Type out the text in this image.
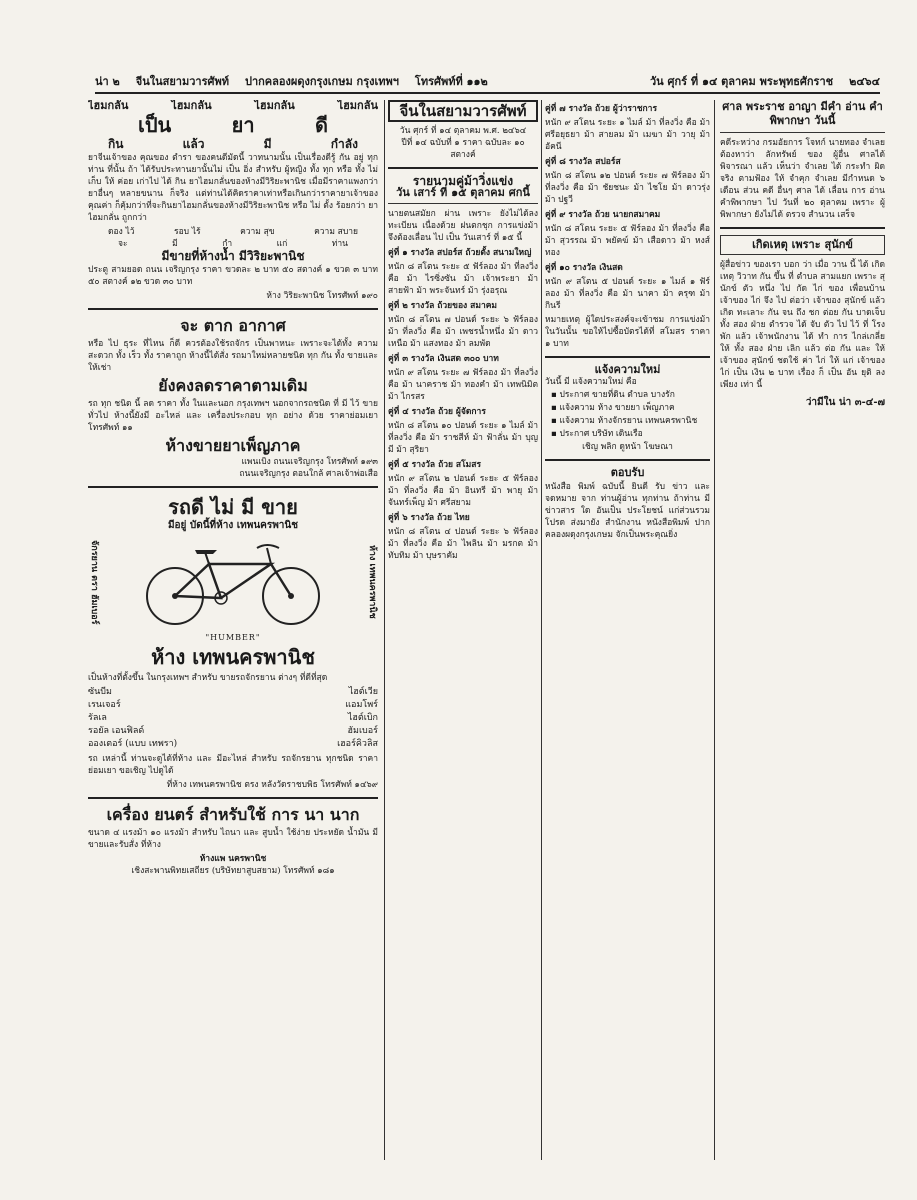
น่า ๒ จีนในสยามวารศัพท์ ปากคลองผดุงกรุงเกษม กรุงเทพฯ โทรศัพท์ที่ ๑๑๒	วัน ศุกร์ ที่ ๑๔ ตุลาคม พระพุทธศักราช ๒๔๖๔
ไฮมกลั่น	ไฮมกลั่น	ไฮมกลั่น	ไฮมกลั่น
เป็น	ยา	ดี
กิน	แล้ว	มี	กำลัง
ยาจีนเจ้าของ คุณของ ตำรา ของคนดีมัดนี้ วาทนามนั้น เป็นเรื่องดีรู้ กัน อยู่ ทุกท่าน ที่นั้น ถ้า ได้รับประทานยานั้นไม่ เป็น อิ่ง สำหรับ ผู้หญิง ทั้ง ทุก หรือ ทั้ง ไม่ เก็บ ให้ ค่อย เก่าไป ได้ กิน ยาไฮมกลั่นของห้างมีวิริยะพานิช เมื่อมีราคาแพงกว่ายาอื่นๆ หลายขนาน ก็จริง แต่ท่านได้คิดราคาเท่าหรือเกินกว่าราคายาเจ้าของคุณค่า ก็คุ้มกว่าที่จะกินยาไฮมกลั่นของห้างมีวิริยะพานิช หรือ ไม่ ตั้ง ร้อยกว่า ยาไฮมกลั่น ถูกกว่า
ดอง ไว้	รอบ ไร้	ความ สุข	ความ สบาย
จะ	มี	กำ	แก่	ท่าน
มีขายที่ห้างน้ำ มีวิริยะพานิช
ประตู สามยอด ถนน เจริญกรุง ราคา ขวดละ ๒ บาท ๕๐ สตางค์ ๑ ขวด ๓ บาท ๕๐ สตางค์ ๑๒ ขวด ๓๐ บาท
ห้าง วิริยะพานิช โทรศัพท์ ๑๙๐
จะ ตาก อากาศ
หรือ ไป ธุระ ที่ไหน ก็ดี ควรต้องใช้รถจักร เป็นพาหนะ เพราะจะได้ทั้ง ความสะดวก ทั้ง เร็ว ทั้ง ราคาถูก ห้างนี้ได้สั่ง รถมาใหม่หลายชนิด ทุก กัน ทั้ง ขายและ ให้เช่า
ยังคงลดราคาตามเดิม
รถ ทุก ชนิด นี้ ลด ราคา ทั้ง ในและนอก กรุงเทพฯ นอกจากรถชนิด ที่ มี ไว้ ขาย ทั่วไป ห้างนี้ยังมี อะไหล่ และ เครื่องประกอบ ทุก อย่าง ด้วย ราคาย่อมเยา โทรศัพท์ ๑๑
ห้างขายยาเพ็ญภาค
แพนเบิง ถนนเจริญกรุง โทรศัพท์ ๑๙๓
ถนนเจริญกรุง ตอนใกล้ ศาลเจ้าพ่อเสือ
รถดี ไม่ มี ขาย
มีอยู่ บัดนี้ที่ห้าง เทพนครพานิช
จักรยาน ตรา ฮัมเบอร์	ห้าง เทพนครพานิช
"HUMBER"
ห้าง เทพนครพานิช
เป็นห้างที่ตั้งขึ้น ในกรุงเทพฯ สำหรับ ขายรถจักรยาน ต่างๆ ที่ดีที่สุด
ซันบีม	ไฮต์เวีย
เรนเจอร์	แอมโพร์
รัลเล	ไฮต์เบิก
รอยัล เอนฟิลด์	ฮัมเบอร์
อองเตอร์ (แบบ เทพรา)	เฮอร์คิวลิส
รถ เหล่านี้ ท่านจะดูได้ที่ห้าง และ มีอะไหล่ สำหรับ รถจักรยาน ทุกชนิด ราคา ย่อมเยา ขอเชิญ ไปดูได้
ที่ห้าง เทพนครพานิช ตรง หลังวัดราชบพิธ โทรศัพท์ ๑๔๖๙
เครื่อง ยนตร์ สำหรับใช้ การ นา นาก
ขนาด ๔ แรงม้า ๑๐ แรงม้า สำหรับ ไถนา และ สูบน้ำ ใช้ง่าย ประหยัด น้ำมัน มีขายและรับสั่ง ที่ห้าง
ห้างแพ นครพานิช
เชิงสะพานพิทยเสถียร (บริษัทยาสูบสยาม) โทรศัพท์ ๑๘๑
จีนในสยามวารศัพท์
วัน ศุกร์ ที่ ๑๔ ตุลาคม พ.ศ. ๒๔๖๔
ปีที่ ๑๔ ฉบับที่ ๑ ราคา ฉบับละ ๑๐ สตางค์
รายนามคู่ม้าวิ่งแข่ง
วัน เสาร์ ที่ ๑๕ ตุลาคม ศกนี้
นายตนสมัยก ผ่าน เพราะ ยังไม่ได้ลงทะเบียน เนื่องด้วย ฝนตกชุก การแข่งม้าจึงต้องเลื่อน ไป เป็น วันเสาร์ ที่ ๑๕ นี้
คู่ที่ ๑ รางวัล สปอร์ส ถ้วยตั้ง สนามใหญ่
หนัก ๘ สโตน ระยะ ๕ ฟัร์ลอง ม้า ที่ลงวิ่ง คือ ม้า ไรซิ่งซัน ม้า เจ้าพระยา ม้า สายฟ้า ม้า พระจันทร์ ม้า รุ่งอรุณ
คู่ที่ ๒ รางวัล ถ้วยของ สมาคม
หนัก ๘ สโตน ๗ ปอนด์ ระยะ ๖ ฟัร์ลอง ม้า ที่ลงวิ่ง คือ ม้า เพชรน้ำหนึ่ง ม้า ดาวเหนือ ม้า แสงทอง ม้า ลมพัด
คู่ที่ ๓ รางวัล เงินสด ๓๐๐ บาท
หนัก ๙ สโตน ระยะ ๗ ฟัร์ลอง ม้า ที่ลงวิ่ง คือ ม้า นาคราช ม้า ทองคำ ม้า เทพนิมิต ม้า ไกรสร
คู่ที่ ๔ รางวัล ถ้วย ผู้จัดการ
หนัก ๘ สโตน ๑๐ ปอนด์ ระยะ ๑ ไมล์ ม้า ที่ลงวิ่ง คือ ม้า ราชสีห์ ม้า ฟ้าลั่น ม้า บุญมี ม้า สุริยา
คู่ที่ ๕ รางวัล ถ้วย สโมสร
หนัก ๙ สโตน ๒ ปอนด์ ระยะ ๕ ฟัร์ลอง ม้า ที่ลงวิ่ง คือ ม้า อินทรี ม้า พายุ ม้า จันทร์เพ็ญ ม้า ศรีสยาม
คู่ที่ ๖ รางวัล ถ้วย ไทย
หนัก ๘ สโตน ๔ ปอนด์ ระยะ ๖ ฟัร์ลอง ม้า ที่ลงวิ่ง คือ ม้า ไพลิน ม้า มรกต ม้า ทับทิม ม้า บุษราคัม
คู่ที่ ๗ รางวัล ถ้วย ผู้ว่าราชการ
หนัก ๙ สโตน ระยะ ๑ ไมล์ ม้า ที่ลงวิ่ง คือ ม้า ศรีอยุธยา ม้า สายลม ม้า เมฆา ม้า วายุ ม้า อัคนี
คู่ที่ ๘ รางวัล สปอร์ส
หนัก ๘ สโตน ๑๒ ปอนด์ ระยะ ๗ ฟัร์ลอง ม้า ที่ลงวิ่ง คือ ม้า ชัยชนะ ม้า ไชโย ม้า ดาวรุ่ง ม้า ปฐวี
คู่ที่ ๙ รางวัล ถ้วย นายกสมาคม
หนัก ๘ สโตน ระยะ ๕ ฟัร์ลอง ม้า ที่ลงวิ่ง คือ ม้า สุวรรณ ม้า พยัคฆ์ ม้า เสือดาว ม้า หงส์ทอง
คู่ที่ ๑๐ รางวัล เงินสด
หนัก ๙ สโตน ๕ ปอนด์ ระยะ ๑ ไมล์ ๑ ฟัร์ลอง ม้า ที่ลงวิ่ง คือ ม้า นาคา ม้า ครุฑ ม้า กินรี
หมายเหตุ ผู้ใดประสงค์จะเข้าชม การแข่งม้า ในวันนั้น ขอให้ไปซื้อบัตรได้ที่ สโมสร ราคา ๑ บาท
แจ้งความใหม่
วันนี้ มี แจ้งความใหม่ คือ
▪ ประกาศ ขายที่ดิน ตำบล บางรัก
▪ แจ้งความ ห้าง ขายยา เพ็ญภาค
▪ แจ้งความ ห้างจักรยาน เทพนครพานิช
▪ ประกาศ บริษัท เดินเรือ
เชิญ พลิก ดูหน้า โฆษณา
ตอบรับ
หนังสือ พิมพ์ ฉบับนี้ ยินดี รับ ข่าว และ จดหมาย จาก ท่านผู้อ่าน ทุกท่าน ถ้าท่าน มีข่าวสาร ใด อันเป็น ประโยชน์ แก่ส่วนรวม โปรด ส่งมายัง สำนักงาน หนังสือพิมพ์ ปากคลองผดุงกรุงเกษม จักเป็นพระคุณยิ่ง
ศาล พระราช อาญา มีคำ อ่าน คำพิพากษา วันนี้
คดีระหว่าง กรมอัยการ โจทก์ นายทอง จำเลย ต้องหาว่า ลักทรัพย์ ของ ผู้อื่น ศาลได้ พิจารณา แล้ว เห็นว่า จำเลย ได้ กระทำ ผิด จริง ตามฟ้อง ให้ จำคุก จำเลย มีกำหนด ๖ เดือน ส่วน คดี อื่นๆ ศาล ได้ เลื่อน การ อ่าน คำพิพากษา ไป วันที่ ๒๐ ตุลาคม เพราะ ผู้พิพากษา ยังไม่ได้ ตรวจ สำนวน เสร็จ
เกิดเหตุ เพราะ สุนักข์
ผู้สื่อข่าว ของเรา บอก ว่า เมื่อ วาน นี้ ได้ เกิด เหตุ วิวาท กัน ขึ้น ที่ ตำบล สามแยก เพราะ สุนักข์ ตัว หนึ่ง ไป กัด ไก่ ของ เพื่อนบ้าน เจ้าของ ไก่ จึง ไป ต่อว่า เจ้าของ สุนักข์ แล้ว เกิด ทะเลาะ กัน จน ถึง ชก ต่อย กัน บาดเจ็บ ทั้ง สอง ฝ่าย ตำรวจ ได้ จับ ตัว ไป ไว้ ที่ โรงพัก แล้ว เจ้าพนักงาน ได้ ทำ การ ไกล่เกลี่ย ให้ ทั้ง สอง ฝ่าย เลิก แล้ว ต่อ กัน และ ให้ เจ้าของ สุนักข์ ชดใช้ ค่า ไก่ ให้ แก่ เจ้าของ ไก่ เป็น เงิน ๒ บาท เรื่อง ก็ เป็น อัน ยุติ ลง เพียง เท่า นี้
ว่ามีใน น่า ๓-๔-๗
